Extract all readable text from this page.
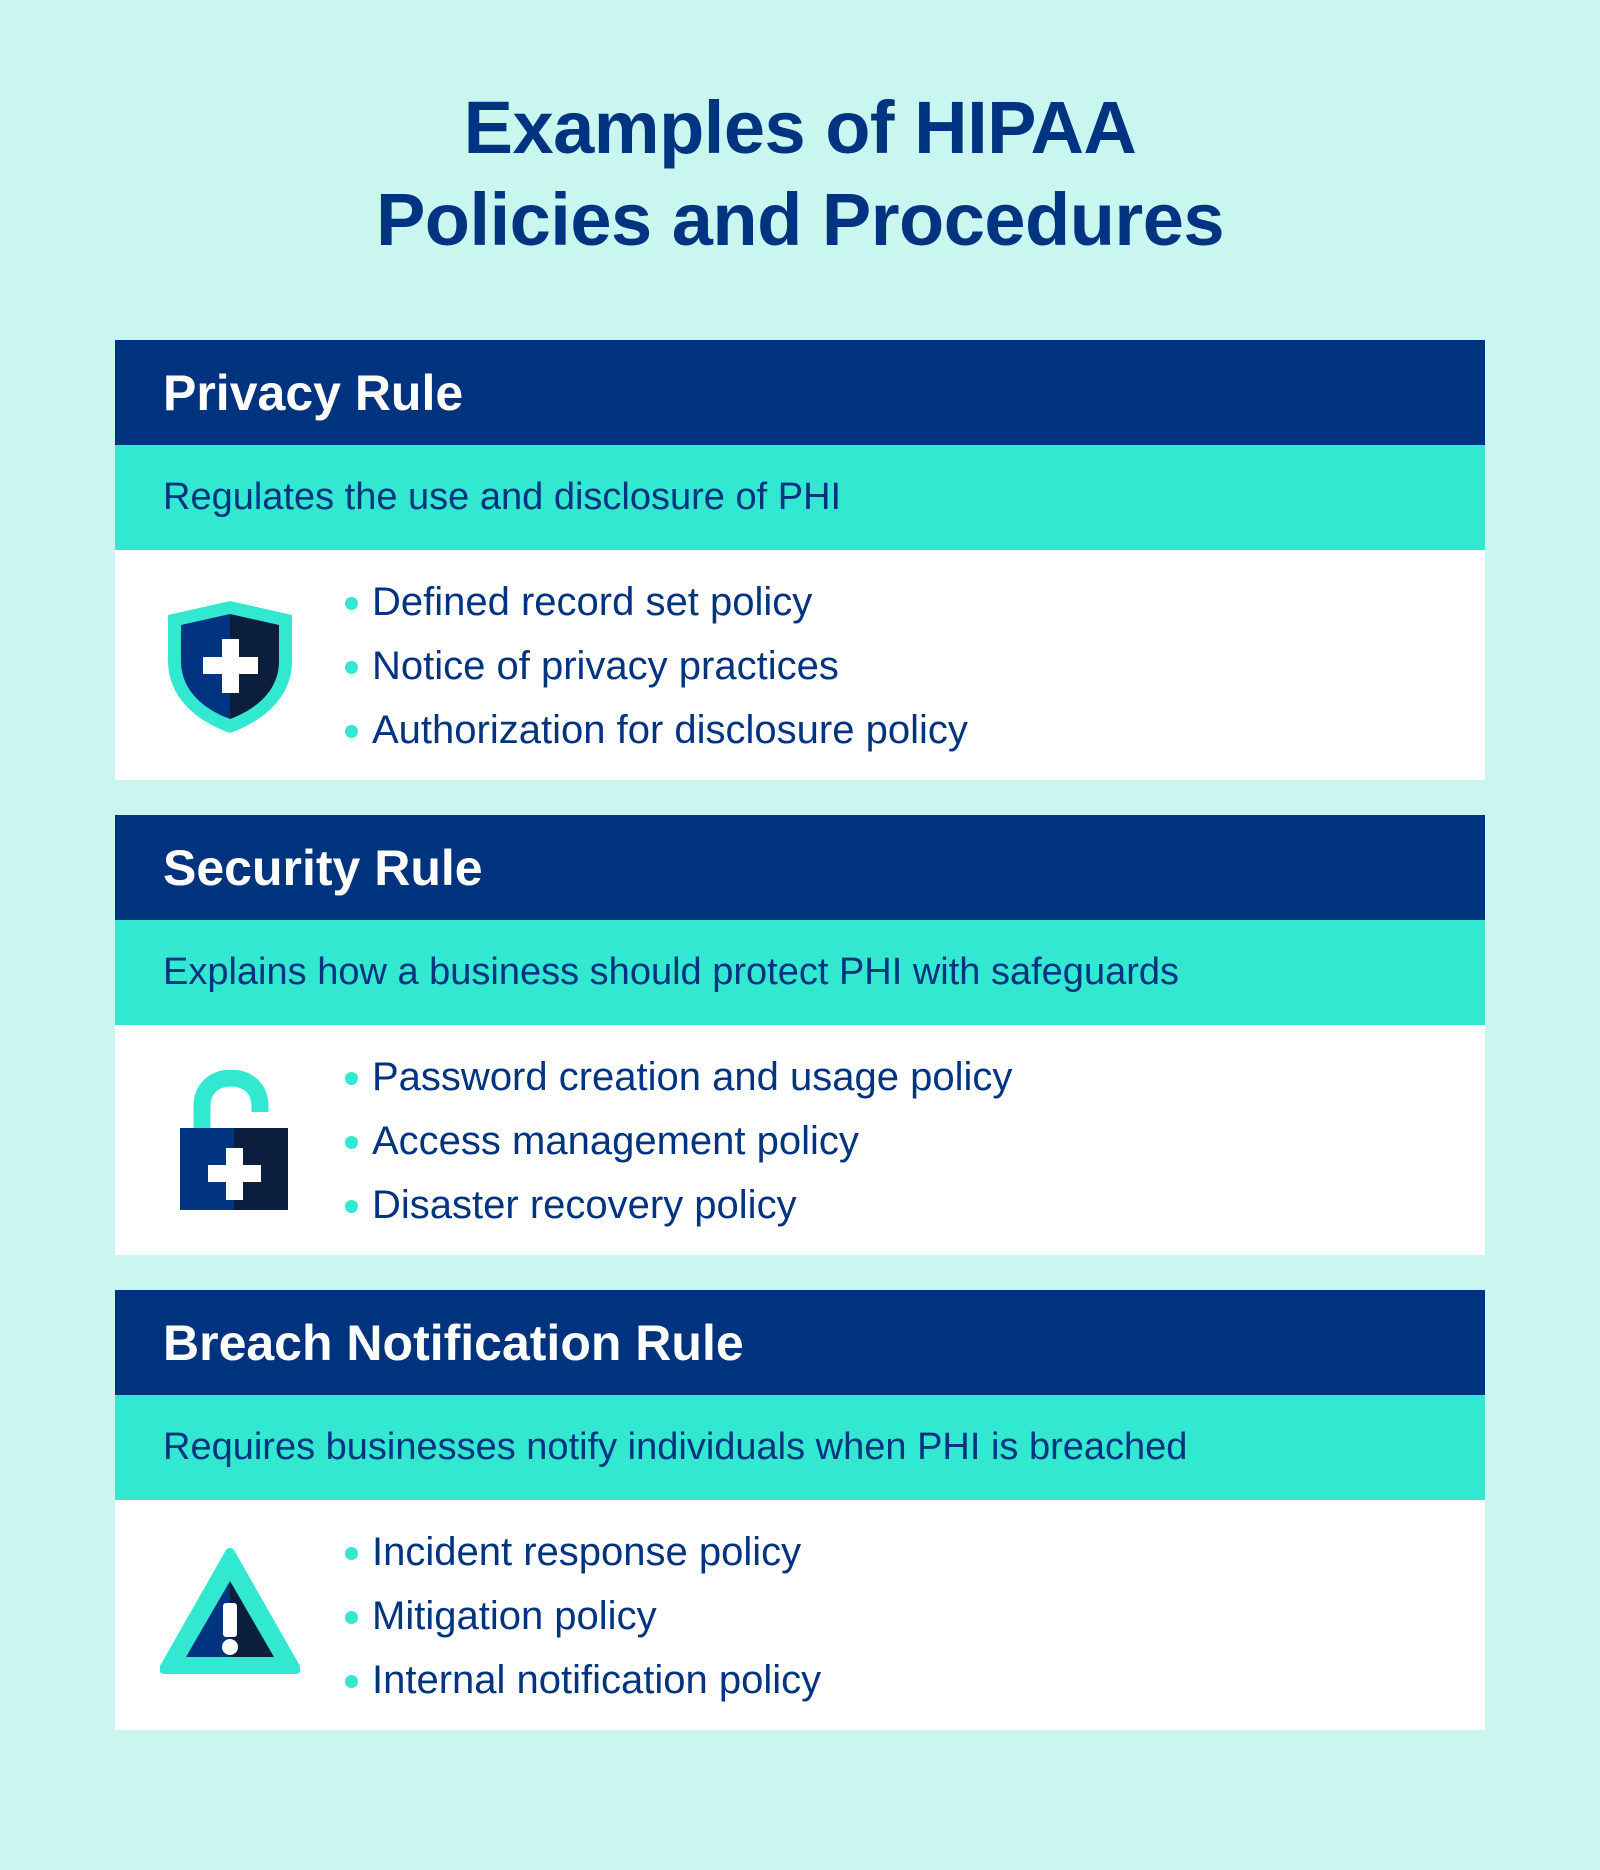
Examples of HIPAA
Policies and Procedures
Privacy Rule
Regulates the use and disclosure of PHI
Defined record set policy
Notice of privacy practices
Authorization for disclosure policy
Security Rule
Explains how a business should protect PHI with safeguards
Password creation and usage policy
Access management policy
Disaster recovery policy
Breach Notification Rule
Requires businesses notify individuals when PHI is breached
Incident response policy
Mitigation policy
Internal notification policy
